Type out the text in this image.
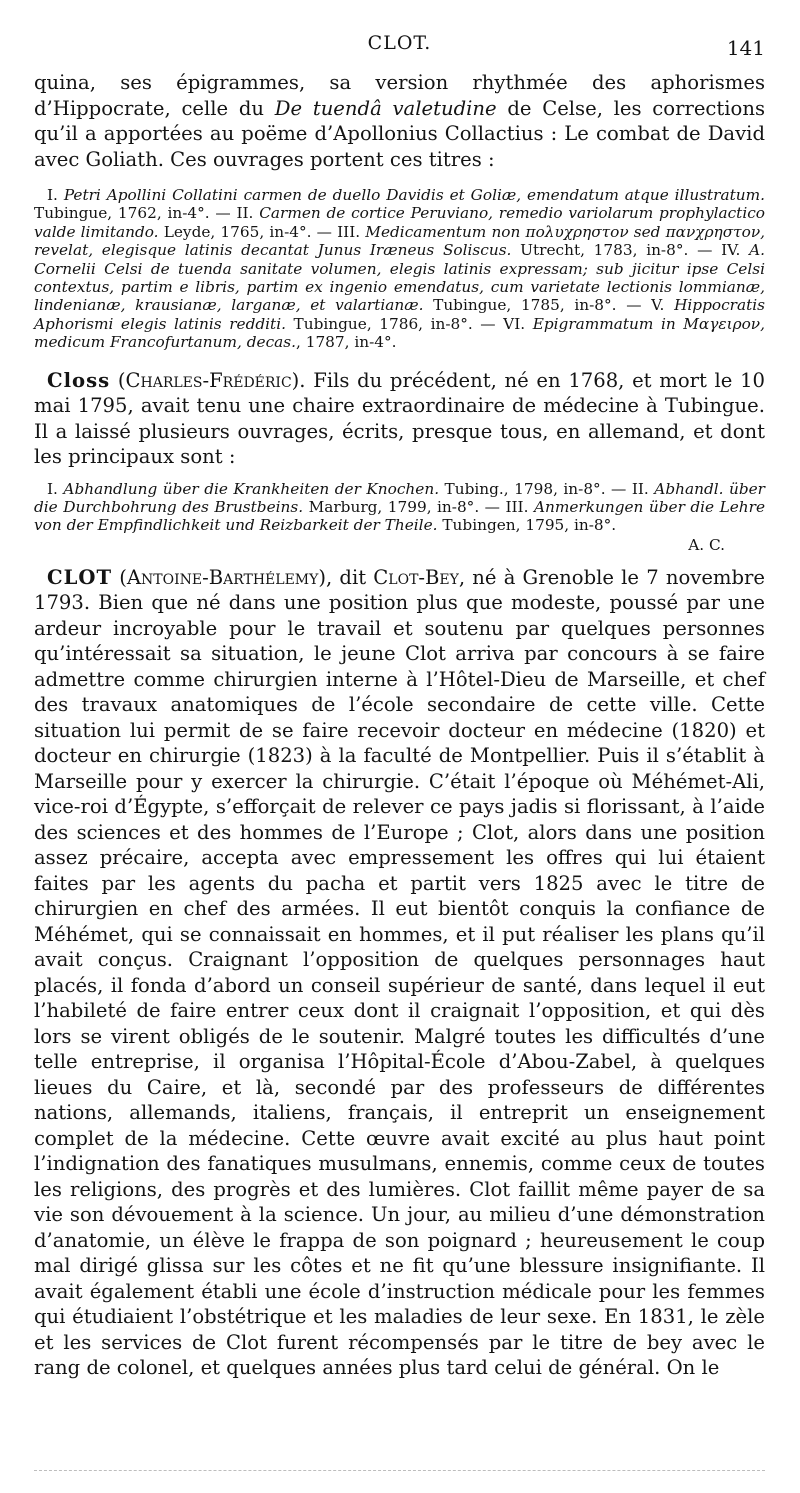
CLOT.	141

quina, ses épigrammes, sa version rhythmée des aphorismes d’Hippocrate, celle du De tuendâ valetudine de Celse, les corrections qu’il a apportées au poëme d’Apollonius Collactius : Le combat de David avec Goliath. Ces ouvrages portent ces titres :

I. Petri Apollini Collatini carmen de duello Davidis et Goliæ, emendatum atque illustratum. Tubingue, 1762, in-4°. — II. Carmen de cortice Peruviano, remedio variolarum prophylactico valde limitando. Leyde, 1765, in-4°. — III. Medicamentum non πολυχρηστον sed πανχρηστον, revelat, elegisque latinis decantat Junus Iræneus Soliscus. Utrecht, 1783, in-8°. — IV. A. Cornelii Celsi de tuenda sanitate volumen, elegis latinis expressam; sub jicitur ipse Celsi contextus, partim e libris, partim ex ingenio emendatus, cum varietate lectionis lommianæ, lindenianæ, krausianæ, larganæ, et valartianæ. Tubingue, 1785, in-8°. — V. Hippocratis Aphorismi elegis latinis redditi. Tubingue, 1786, in-8°. — VI. Epigrammatum in Μαγειρον, medicum Francofurtanum, decas., 1787, in-4°.

Closs (Charles-Frédéric). Fils du précédent, né en 1768, et mort le 10 mai 1795, avait tenu une chaire extraordinaire de médecine à Tubingue. Il a laissé plusieurs ouvrages, écrits, presque tous, en allemand, et dont les principaux sont :

I. Abhandlung über die Krankheiten der Knochen. Tubing., 1798, in-8°. — II. Abhandl. über die Durchbohrung des Brustbeins. Marburg, 1799, in-8°. — III. Anmerkungen über die Lehre von der Empfindlichkeit und Reizbarkeit der Theile. Tubingen, 1795, in-8°.

A. C.

CLOT (Antoine-Barthélemy), dit Clot-Bey, né à Grenoble le 7 novembre 1793. Bien que né dans une position plus que modeste, poussé par une ardeur incroyable pour le travail et soutenu par quelques personnes qu’intéressait sa situation, le jeune Clot arriva par concours à se faire admettre comme chirurgien interne à l’Hôtel-Dieu de Marseille, et chef des travaux anatomiques de l’école secondaire de cette ville. Cette situation lui permit de se faire recevoir docteur en médecine (1820) et docteur en chirurgie (1823) à la faculté de Montpellier. Puis il s’établit à Marseille pour y exercer la chirurgie. C’était l’époque où Méhémet-Ali, vice-roi d’Égypte, s’efforçait de relever ce pays jadis si florissant, à l’aide des sciences et des hommes de l’Europe ; Clot, alors dans une position assez précaire, accepta avec empressement les offres qui lui étaient faites par les agents du pacha et partit vers 1825 avec le titre de chirurgien en chef des armées. Il eut bientôt conquis la confiance de Méhémet, qui se connaissait en hommes, et il put réaliser les plans qu’il avait conçus. Craignant l’opposition de quelques personnages haut placés, il fonda d’abord un conseil supérieur de santé, dans lequel il eut l’habileté de faire entrer ceux dont il craignait l’opposition, et qui dès lors se virent obligés de le soutenir. Malgré toutes les difficultés d’une telle entreprise, il organisa l’Hôpital-École d’Abou-Zabel, à quelques lieues du Caire, et là, secondé par des professeurs de différentes nations, allemands, italiens, français, il entreprit un enseignement complet de la médecine. Cette œuvre avait excité au plus haut point l’indignation des fanatiques musulmans, ennemis, comme ceux de toutes les religions, des progrès et des lumières. Clot faillit même payer de sa vie son dévouement à la science. Un jour, au milieu d’une démonstration d’anatomie, un élève le frappa de son poignard ; heureusement le coup mal dirigé glissa sur les côtes et ne fit qu’une blessure insignifiante. Il avait également établi une école d’instruction médicale pour les femmes qui étudiaient l’obstétrique et les maladies de leur sexe. En 1831, le zèle et les services de Clot furent récompensés par le titre de bey avec le rang de colonel, et quelques années plus tard celui de général. On le
